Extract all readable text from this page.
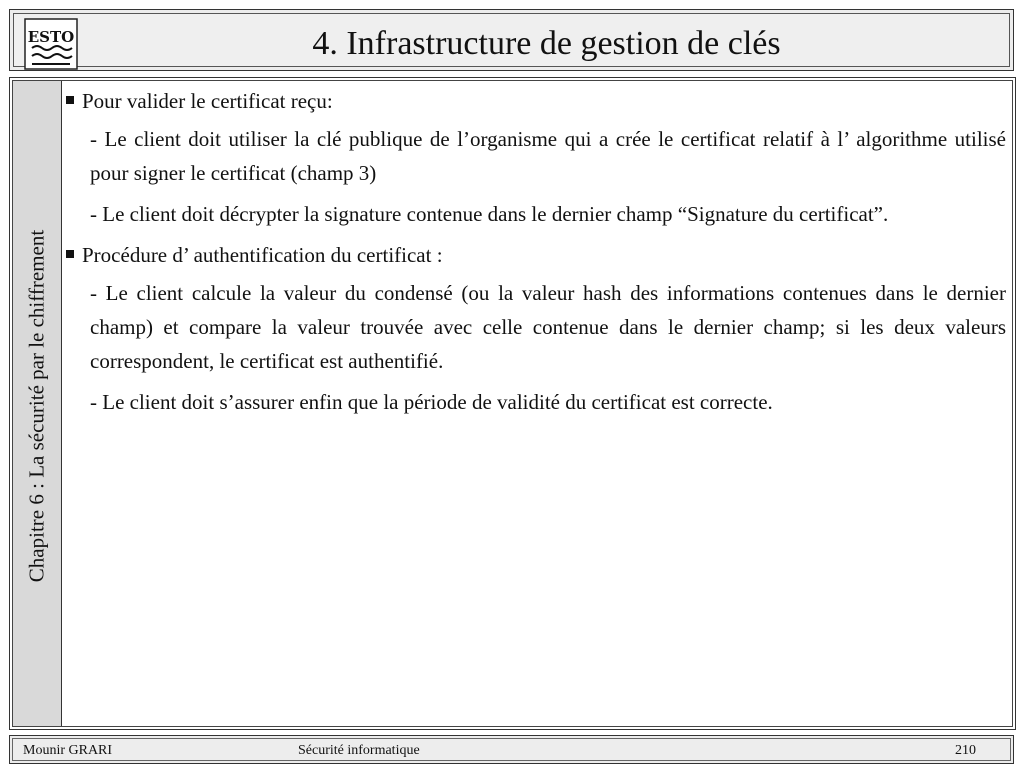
ESTO	4. Infrastructure de gestion de clés
Chapitre 6 : La sécurité par le chiffrement
Pour valider le certificat reçu:

- Le client doit utiliser la clé publique de l’organisme qui a crée le certificat relatif à l’ algorithme utilisé pour signer le certificat (champ 3)

- Le client doit décrypter la signature contenue dans le dernier champ “Signature du certificat”.

Procédure d’ authentification du certificat :

- Le client calcule la valeur du condensé (ou la valeur hash des informations contenues dans le dernier champ) et compare la valeur trouvée avec celle contenue dans le dernier champ; si les deux valeurs correspondent, le certificat est authentifié.

- Le client doit s’assurer enfin que la période de validité du certificat est correcte.

Mounir GRARI	Sécurité informatique	210
